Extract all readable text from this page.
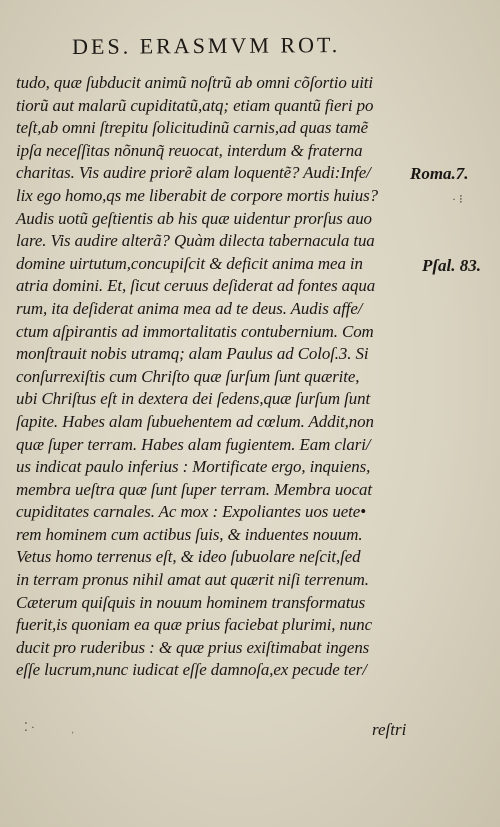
DES. ERASMVM ROT.
tudo, quæ ſubducit animũ noſtrũ ab omni cõſortio uiti
tiorũ aut malarũ cupiditatũ,atq; etiam quantũ fieri po
teſt,ab omni ſtrepitu ſolicitudinũ carnis,ad quas tamẽ
ipſa neceſſitas nõnunq̃ reuocat, interdum & fraterna
charitas. Vis audire priorẽ alam loquentẽ? Audi:Infe/
lix ego homo,qs me liberabit de corpore mortis huius?
Audis uotũ geſtientis ab his quæ uidentur prorſus auo
lare. Vis audire alterã? Quàm dilecta tabernacula tua
domine uirtutum,concupiſcit & deficit anima mea in
atria domini. Et, ſicut ceruus deſiderat ad fontes aqua
rum, ita deſiderat anima mea ad te deus. Audis affe/
ctum aſpirantis ad immortalitatis contubernium. Com
monſtrauit nobis utramq; alam Paulus ad Coloſ.3. Si
conſurrexiſtis cum Chriſto quæ ſurſum ſunt quærite,
ubi Chriſtus eſt in dextera dei ſedens,quæ ſurſum ſunt
ſapite. Habes alam ſubuehentem ad cœlum. Addit,non
quæ ſuper terram. Habes alam fugientem. Eam clari/
us indicat paulo inferius : Mortificate ergo, inquiens,
membra ueſtra quæ ſunt ſuper terram. Membra uocat
cupiditates carnales. Ac mox : Expoliantes uos uete•
rem hominem cum actibus ſuis, & induentes nouum.
Vetus homo terrenus eſt, & ideo ſubuolare neſcit,ſed
in terram pronus nihil amat aut quærit niſi terrenum.
Cæterum quiſquis in nouum hominem transformatus
fuerit,is quoniam ea quæ prius faciebat plurimi, nunc
ducit pro ruderibus : & quæ prius exiſtimabat ingens
eſſe lucrum,nunc iudicat eſſe damnoſa,ex pecude ter/
Roma.7.
Pſal. 83.
reſtri
⁚ ·            ˌ
· ⁝
